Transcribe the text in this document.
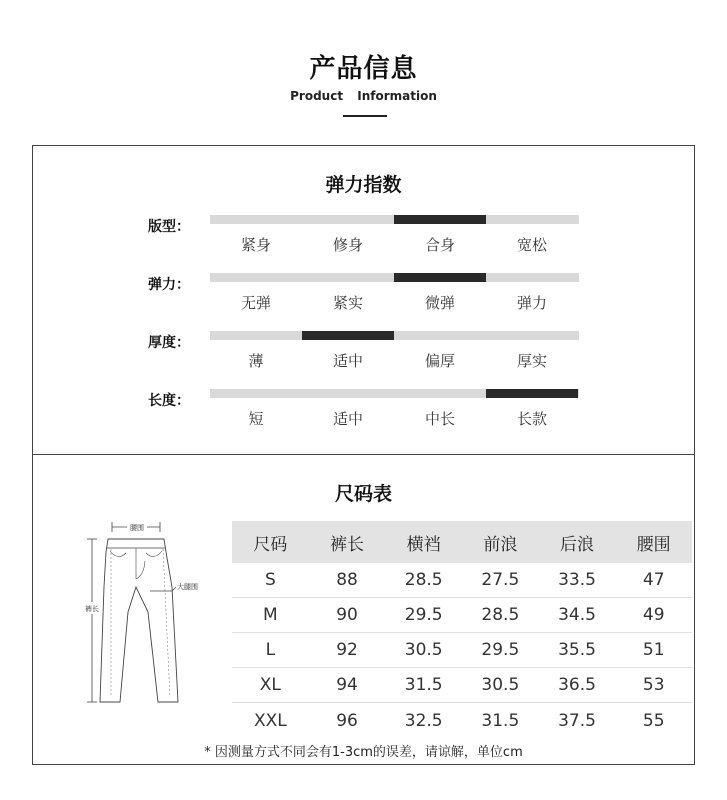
产品信息
Product Information
弹力指数
版型：
紧身	修身	合身	宽松
弹力：
无弹	紧实	微弹	弹力
厚度：
薄	适中	偏厚	厚实
长度：
短	适中	中长	长款
尺码表
腰围
裤长
大腿围
尺码	裤长	横裆	前浪	后浪	腰围
S	88	28.5	27.5	33.5	47
M	90	29.5	28.5	34.5	49
L	92	30.5	29.5	35.5	51
XL	94	31.5	30.5	36.5	53
XXL	96	32.5	31.5	37.5	55
* 因测量方式不同会有1-3cm的误差，请谅解，单位cm
